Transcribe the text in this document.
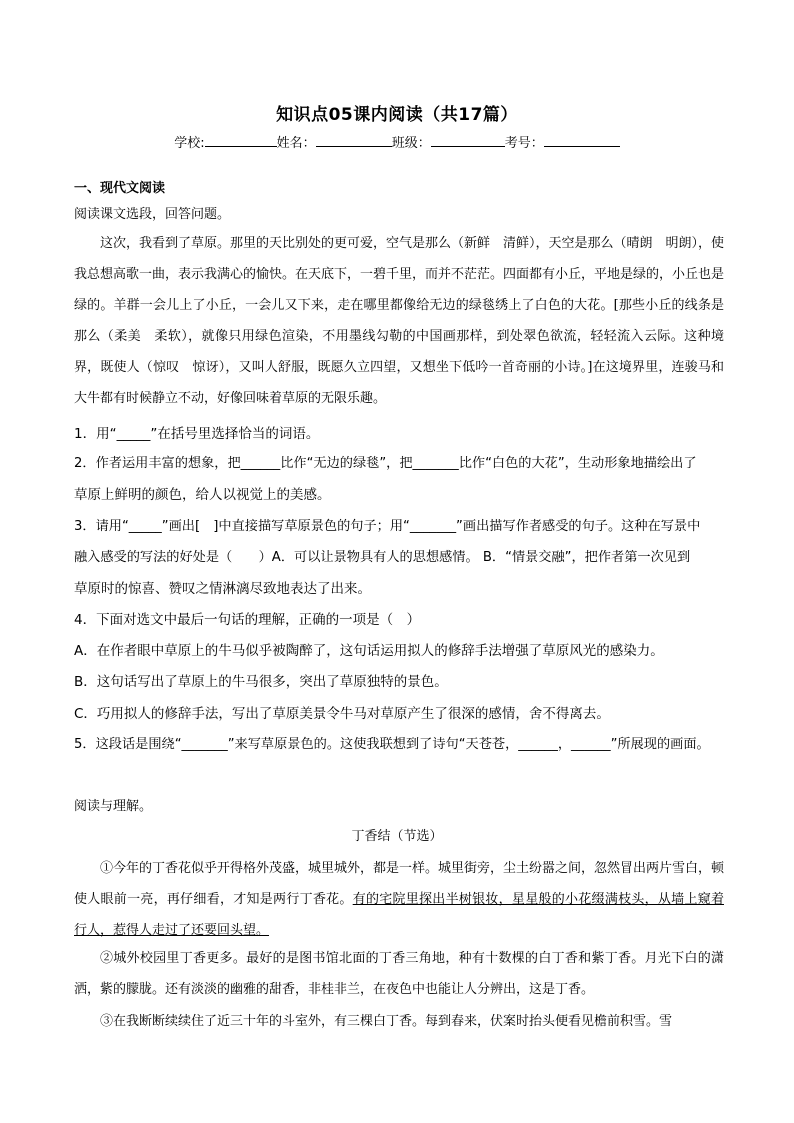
知识点05课内阅读（共17篇）
学校:	姓名：	班级：	考号：
一、现代文阅读
阅读课文选段，回答问题。
这次，我看到了草原。那里的天比别处的更可爱，空气是那么（新鲜　清鲜），天空是那么（晴朗　明朗），使我总想高歌一曲，表示我满心的愉快。在天底下，一碧千里，而并不茫茫。四面都有小丘，平地是绿的，小丘也是绿的。羊群一会儿上了小丘，一会儿又下来，走在哪里都像给无边的绿毯绣上了白色的大花。[那些小丘的线条是那么（柔美　柔软），就像只用绿色渲染，不用墨线勾勒的中国画那样，到处翠色欲流，轻轻流入云际。这种境界，既使人（惊叹　惊讶），又叫人舒服，既愿久立四望，又想坐下低吟一首奇丽的小诗。]在这境界里，连骏马和大牛都有时候静立不动，好像回味着草原的无限乐趣。
1．用“_____”在括号里选择恰当的词语。
2．作者运用丰富的想象，把______比作“无边的绿毯”，把_______比作“白色的大花”，生动形象地描绘出了
草原上鲜明的颜色，给人以视觉上的美感。
3．请用“_____”画出[　]中直接描写草原景色的句子；用“_______”画出描写作者感受的句子。这种在写景中
融入感受的写法的好处是（　　）A．可以让景物具有人的思想感情。 B．“情景交融”，把作者第一次见到
草原时的惊喜、赞叹之情淋漓尽致地表达了出来。
4．下面对选文中最后一句话的理解，正确的一项是（　）
A．在作者眼中草原上的牛马似乎被陶醉了，这句话运用拟人的修辞手法增强了草原风光的感染力。
B．这句话写出了草原上的牛马很多，突出了草原独特的景色。
C．巧用拟人的修辞手法，写出了草原美景令牛马对草原产生了很深的感情，舍不得离去。
5．这段话是围绕“_______”来写草原景色的。这使我联想到了诗句“天苍苍，______，______”所展现的画面。
阅读与理解。
丁香结（节选）
①今年的丁香花似乎开得格外茂盛，城里城外，都是一样。城里街旁，尘土纷嚣之间，忽然冒出两片雪白，顿使人眼前一亮，再仔细看，才知是两行丁香花。有的宅院里探出半树银妆，星星般的小花缀满枝头，从墙上窥着行人，惹得人走过了还要回头望。
②城外校园里丁香更多。最好的是图书馆北面的丁香三角地，种有十数棵的白丁香和紫丁香。月光下白的潇洒，紫的朦胧。还有淡淡的幽雅的甜香，非桂非兰，在夜色中也能让人分辨出，这是丁香。
③在我断断续续住了近三十年的斗室外，有三棵白丁香。每到春来，伏案时抬头便看见檐前积雪。雪
